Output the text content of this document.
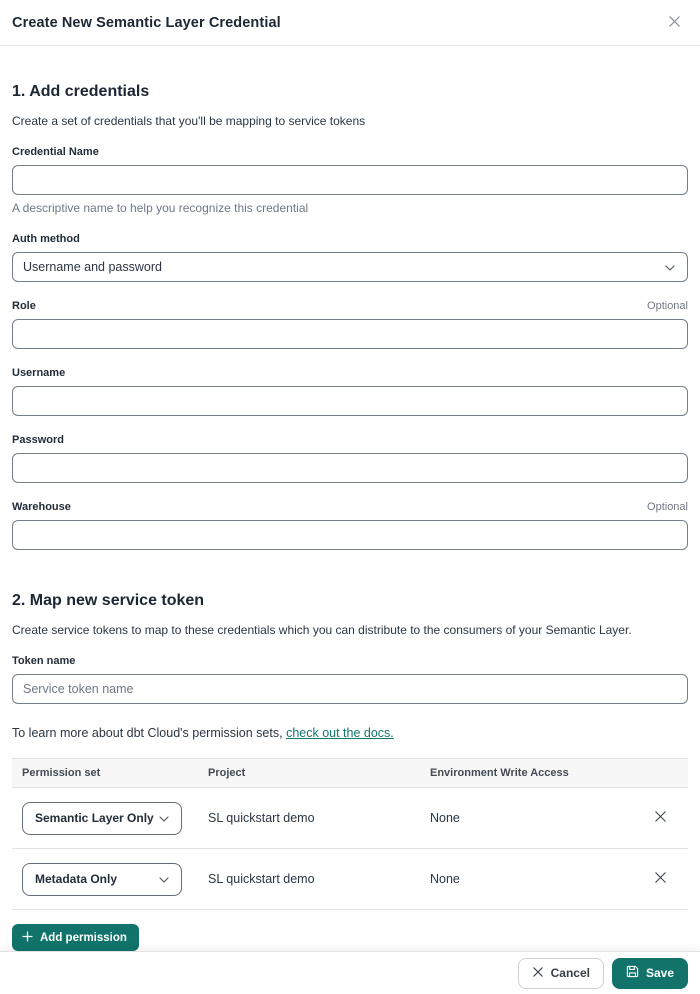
Create New Semantic Layer Credential
1. Add credentials

Create a set of credentials that you'll be mapping to service tokens

Credential Name

A descriptive name to help you recognize this credential

Auth method
Username and password
Role	Optional
Username
Password
Warehouse	Optional
2. Map new service token

Create service tokens to map to these credentials which you can distribute to the consumers of your Semantic Layer.

Token name
Service token name

To learn more about dbt Cloud's permission sets, check out the docs.

Permission set	Project	Environment Write Access
Semantic Layer Only	SL quickstart demo	None
Metadata Only	SL quickstart demo	None
Add permission
Cancel	Save
